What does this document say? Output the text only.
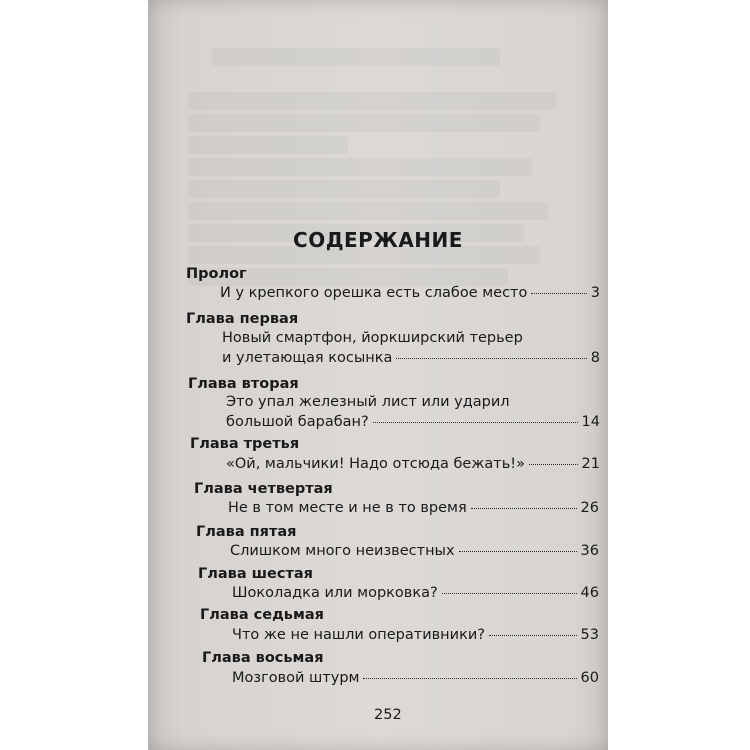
СОДЕРЖАНИЕ
Пролог
И у крепкого орешка есть слабое место	3
Глава первая
Новый смартфон, йоркширский терьер
и улетающая косынка	8
Глава вторая
Это упал железный лист или ударил
большой барабан?	14
Глава третья
«Ой, мальчики! Надо отсюда бежать!»	21
Глава четвертая
Не в том месте и не в то время	26
Глава пятая
Слишком много неизвестных	36
Глава шестая
Шоколадка или морковка?	46
Глава седьмая
Что же не нашли оперативники?	53
Глава восьмая
Мозговой штурм	60
252
